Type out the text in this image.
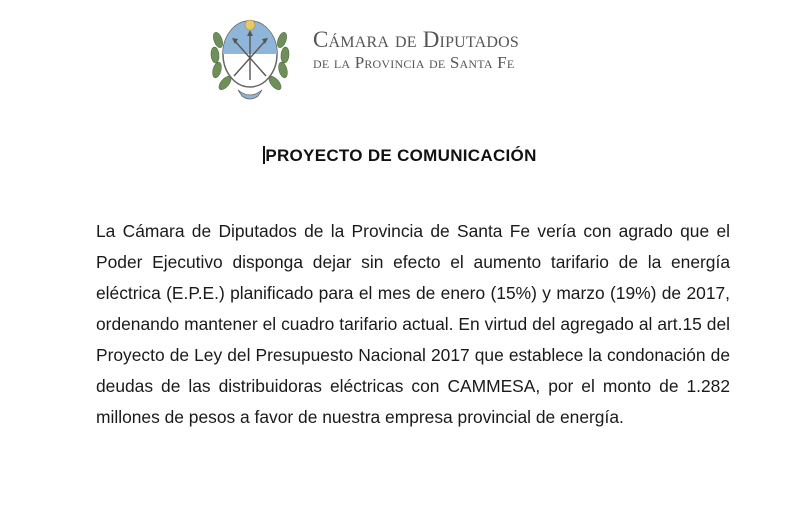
Cámara de Diputados
de la Provincia de Santa Fe
PROYECTO DE COMUNICACIÓN
La Cámara de Diputados de la Provincia de Santa Fe vería con agrado que el Poder Ejecutivo disponga dejar sin efecto el aumento tarifario de la energía eléctrica (E.P.E.) planificado para el mes de enero (15%) y marzo (19%) de 2017, ordenando mantener el cuadro tarifario actual. En virtud del agregado al art.15 del Proyecto de Ley del Presupuesto Nacional 2017 que establece la condonación de deudas de las distribuidoras eléctricas con CAMMESA, por el monto de 1.282 millones de pesos a favor de nuestra empresa provincial de energía.
